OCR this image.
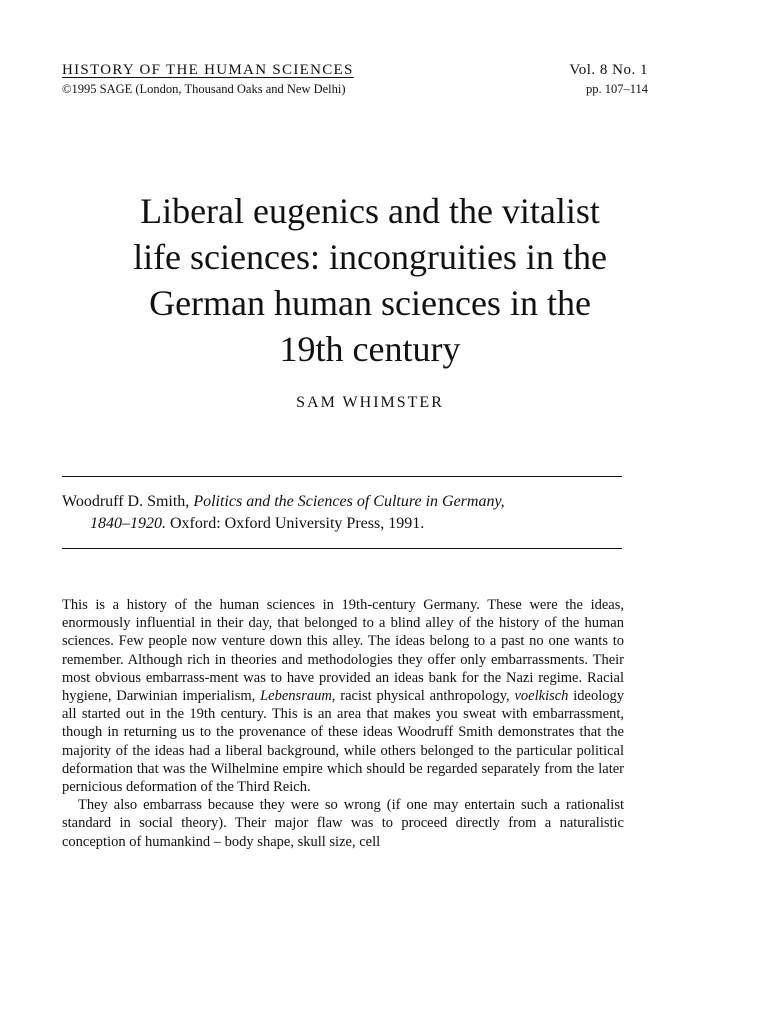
HISTORY OF THE HUMAN SCIENCES	Vol. 8 No. 1
©1995 SAGE (London, Thousand Oaks and New Delhi)	pp. 107–114
Liberal eugenics and the vitalist
life sciences: incongruities in the
German human sciences in the
19th century
SAM WHIMSTER
Woodruff D. Smith, Politics and the Sciences of Culture in Germany,
1840–1920. Oxford: Oxford University Press, 1991.

This is a history of the human sciences in 19th-century Germany. These were the ideas, enormously influential in their day, that belonged to a blind alley of the history of the human sciences. Few people now venture down this alley. The ideas belong to a past no one wants to remember. Although rich in theories and methodologies they offer only embarrassments. Their most obvious embarrass-ment was to have provided an ideas bank for the Nazi regime. Racial hygiene, Darwinian imperialism, Lebensraum, racist physical anthropology, voelkisch ideology all started out in the 19th century. This is an area that makes you sweat with embarrassment, though in returning us to the provenance of these ideas Woodruff Smith demonstrates that the majority of the ideas had a liberal background, while others belonged to the particular political deformation that was the Wilhelmine empire which should be regarded separately from the later pernicious deformation of the Third Reich.

They also embarrass because they were so wrong (if one may entertain such a rationalist standard in social theory). Their major flaw was to proceed directly from a naturalistic conception of humankind – body shape, skull size, cell
